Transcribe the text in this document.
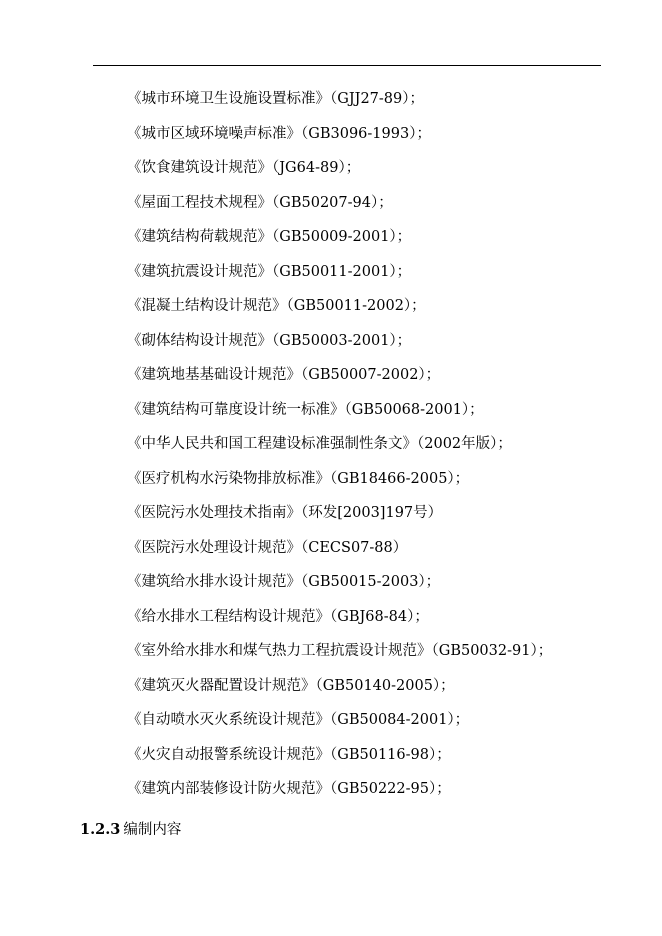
《城市环境卫生设施设置标准》（GJJ27-89）；
《城市区域环境噪声标准》（GB3096-1993）；
《饮食建筑设计规范》（JG64-89）；
《屋面工程技术规程》（GB50207-94）；
《建筑结构荷载规范》（GB50009-2001）；
《建筑抗震设计规范》（GB50011-2001）；
《混凝土结构设计规范》（GB50011-2002）；
《砌体结构设计规范》（GB50003-2001）；
《建筑地基基础设计规范》（GB50007-2002）；
《建筑结构可靠度设计统一标准》（GB50068-2001）；
《中华人民共和国工程建设标准强制性条文》（2002年版）；
《医疗机构水污染物排放标准》（GB18466-2005）；
《医院污水处理技术指南》（环发[2003]197号）
《医院污水处理设计规范》（CECS07-88）
《建筑给水排水设计规范》（GB50015-2003）；
《给水排水工程结构设计规范》（GBJ68-84）；
《室外给水排水和煤气热力工程抗震设计规范》（GB50032-91）；
《建筑灭火器配置设计规范》（GB50140-2005）；
《自动喷水灭火系统设计规范》（GB50084-2001）；
《火灾自动报警系统设计规范》（GB50116-98）；
《建筑内部装修设计防火规范》（GB50222-95）；
1.2.3 编制内容
